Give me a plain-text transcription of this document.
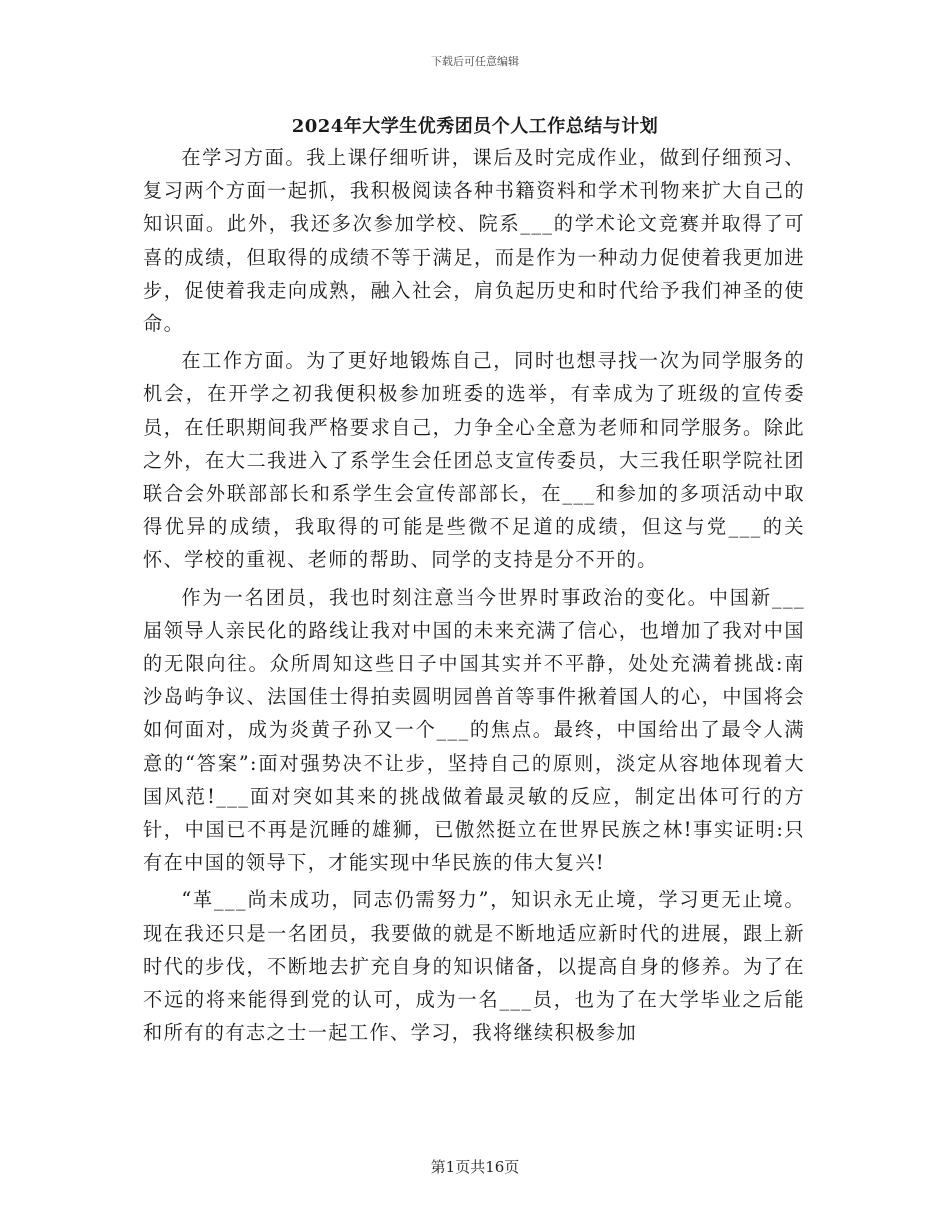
下载后可任意编辑
2024年大学生优秀团员个人工作总结与计划

在学习方面。我上课仔细听讲，课后及时完成作业，做到仔细预习、复习两个方面一起抓，我积极阅读各种书籍资料和学术刊物来扩大自己的知识面。此外，我还多次参加学校、院系___的学术论文竞赛并取得了可喜的成绩，但取得的成绩不等于满足，而是作为一种动力促使着我更加进步，促使着我走向成熟，融入社会，肩负起历史和时代给予我们神圣的使命。

在工作方面。为了更好地锻炼自己，同时也想寻找一次为同学服务的机会，在开学之初我便积极参加班委的选举，有幸成为了班级的宣传委员，在任职期间我严格要求自己，力争全心全意为老师和同学服务。除此之外，在大二我进入了系学生会任团总支宣传委员，大三我任职学院社团联合会外联部部长和系学生会宣传部部长，在___和参加的多项活动中取得优异的成绩，我取得的可能是些微不足道的成绩，但这与党___的关怀、学校的重视、老师的帮助、同学的支持是分不开的。

作为一名团员，我也时刻注意当今世界时事政治的变化。中国新___届领导人亲民化的路线让我对中国的未来充满了信心，也增加了我对中国的无限向往。众所周知这些日子中国其实并不平静，处处充满着挑战:南沙岛屿争议、法国佳士得拍卖圆明园兽首等事件揪着国人的心，中国将会如何面对，成为炎黄子孙又一个___的焦点。最终，中国给出了最令人满意的“答案”:面对强势决不让步，坚持自己的原则，淡定从容地体现着大国风范!___面对突如其来的挑战做着最灵敏的反应，制定出体可行的方针，中国已不再是沉睡的雄狮，已傲然挺立在世界民族之林!事实证明:只有在中国的领导下，才能实现中华民族的伟大复兴!

“革___尚未成功，同志仍需努力”，知识永无止境，学习更无止境。现在我还只是一名团员，我要做的就是不断地适应新时代的进展，跟上新时代的步伐，不断地去扩充自身的知识储备，以提高自身的修养。为了在不远的将来能得到党的认可，成为一名___员，也为了在大学毕业之后能和所有的有志之士一起工作、学习，我将继续积极参加

第1页共16页
